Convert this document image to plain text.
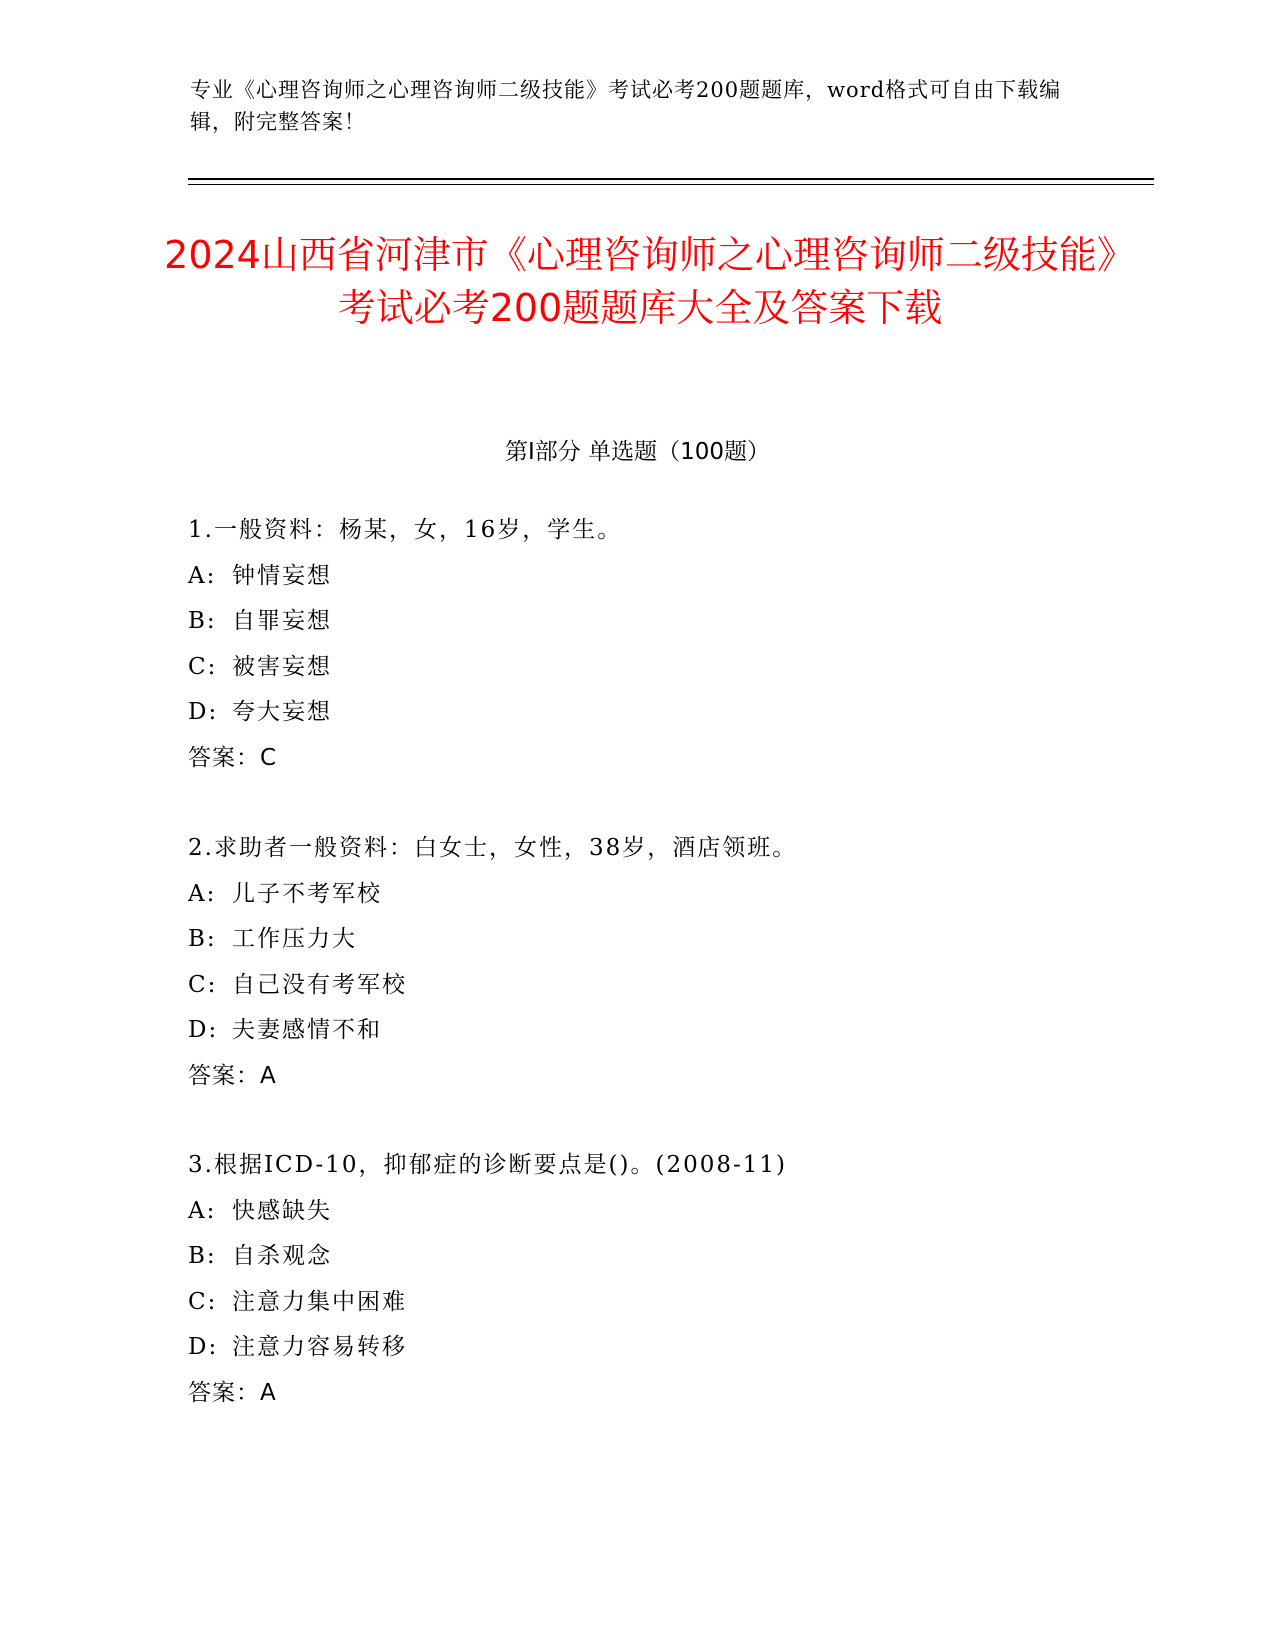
专业《心理咨询师之心理咨询师二级技能》考试必考200题题库，word格式可自由下载编辑，附完整答案！
2024山西省河津市《心理咨询师之心理咨询师二级技能》考试必考200题题库大全及答案下载
第Ⅰ部分 单选题（100题）
1.一般资料：杨某，女，16岁，学生。
A: 钟情妄想
B: 自罪妄想
C: 被害妄想
D: 夸大妄想
答案：C
2.求助者一般资料：白女士，女性，38岁，酒店领班。
A: 儿子不考军校
B: 工作压力大
C: 自己没有考军校
D: 夫妻感情不和
答案：A
3.根据ICD-10，抑郁症的诊断要点是()。(2008-11)
A: 快感缺失
B: 自杀观念
C: 注意力集中困难
D: 注意力容易转移
答案：A
